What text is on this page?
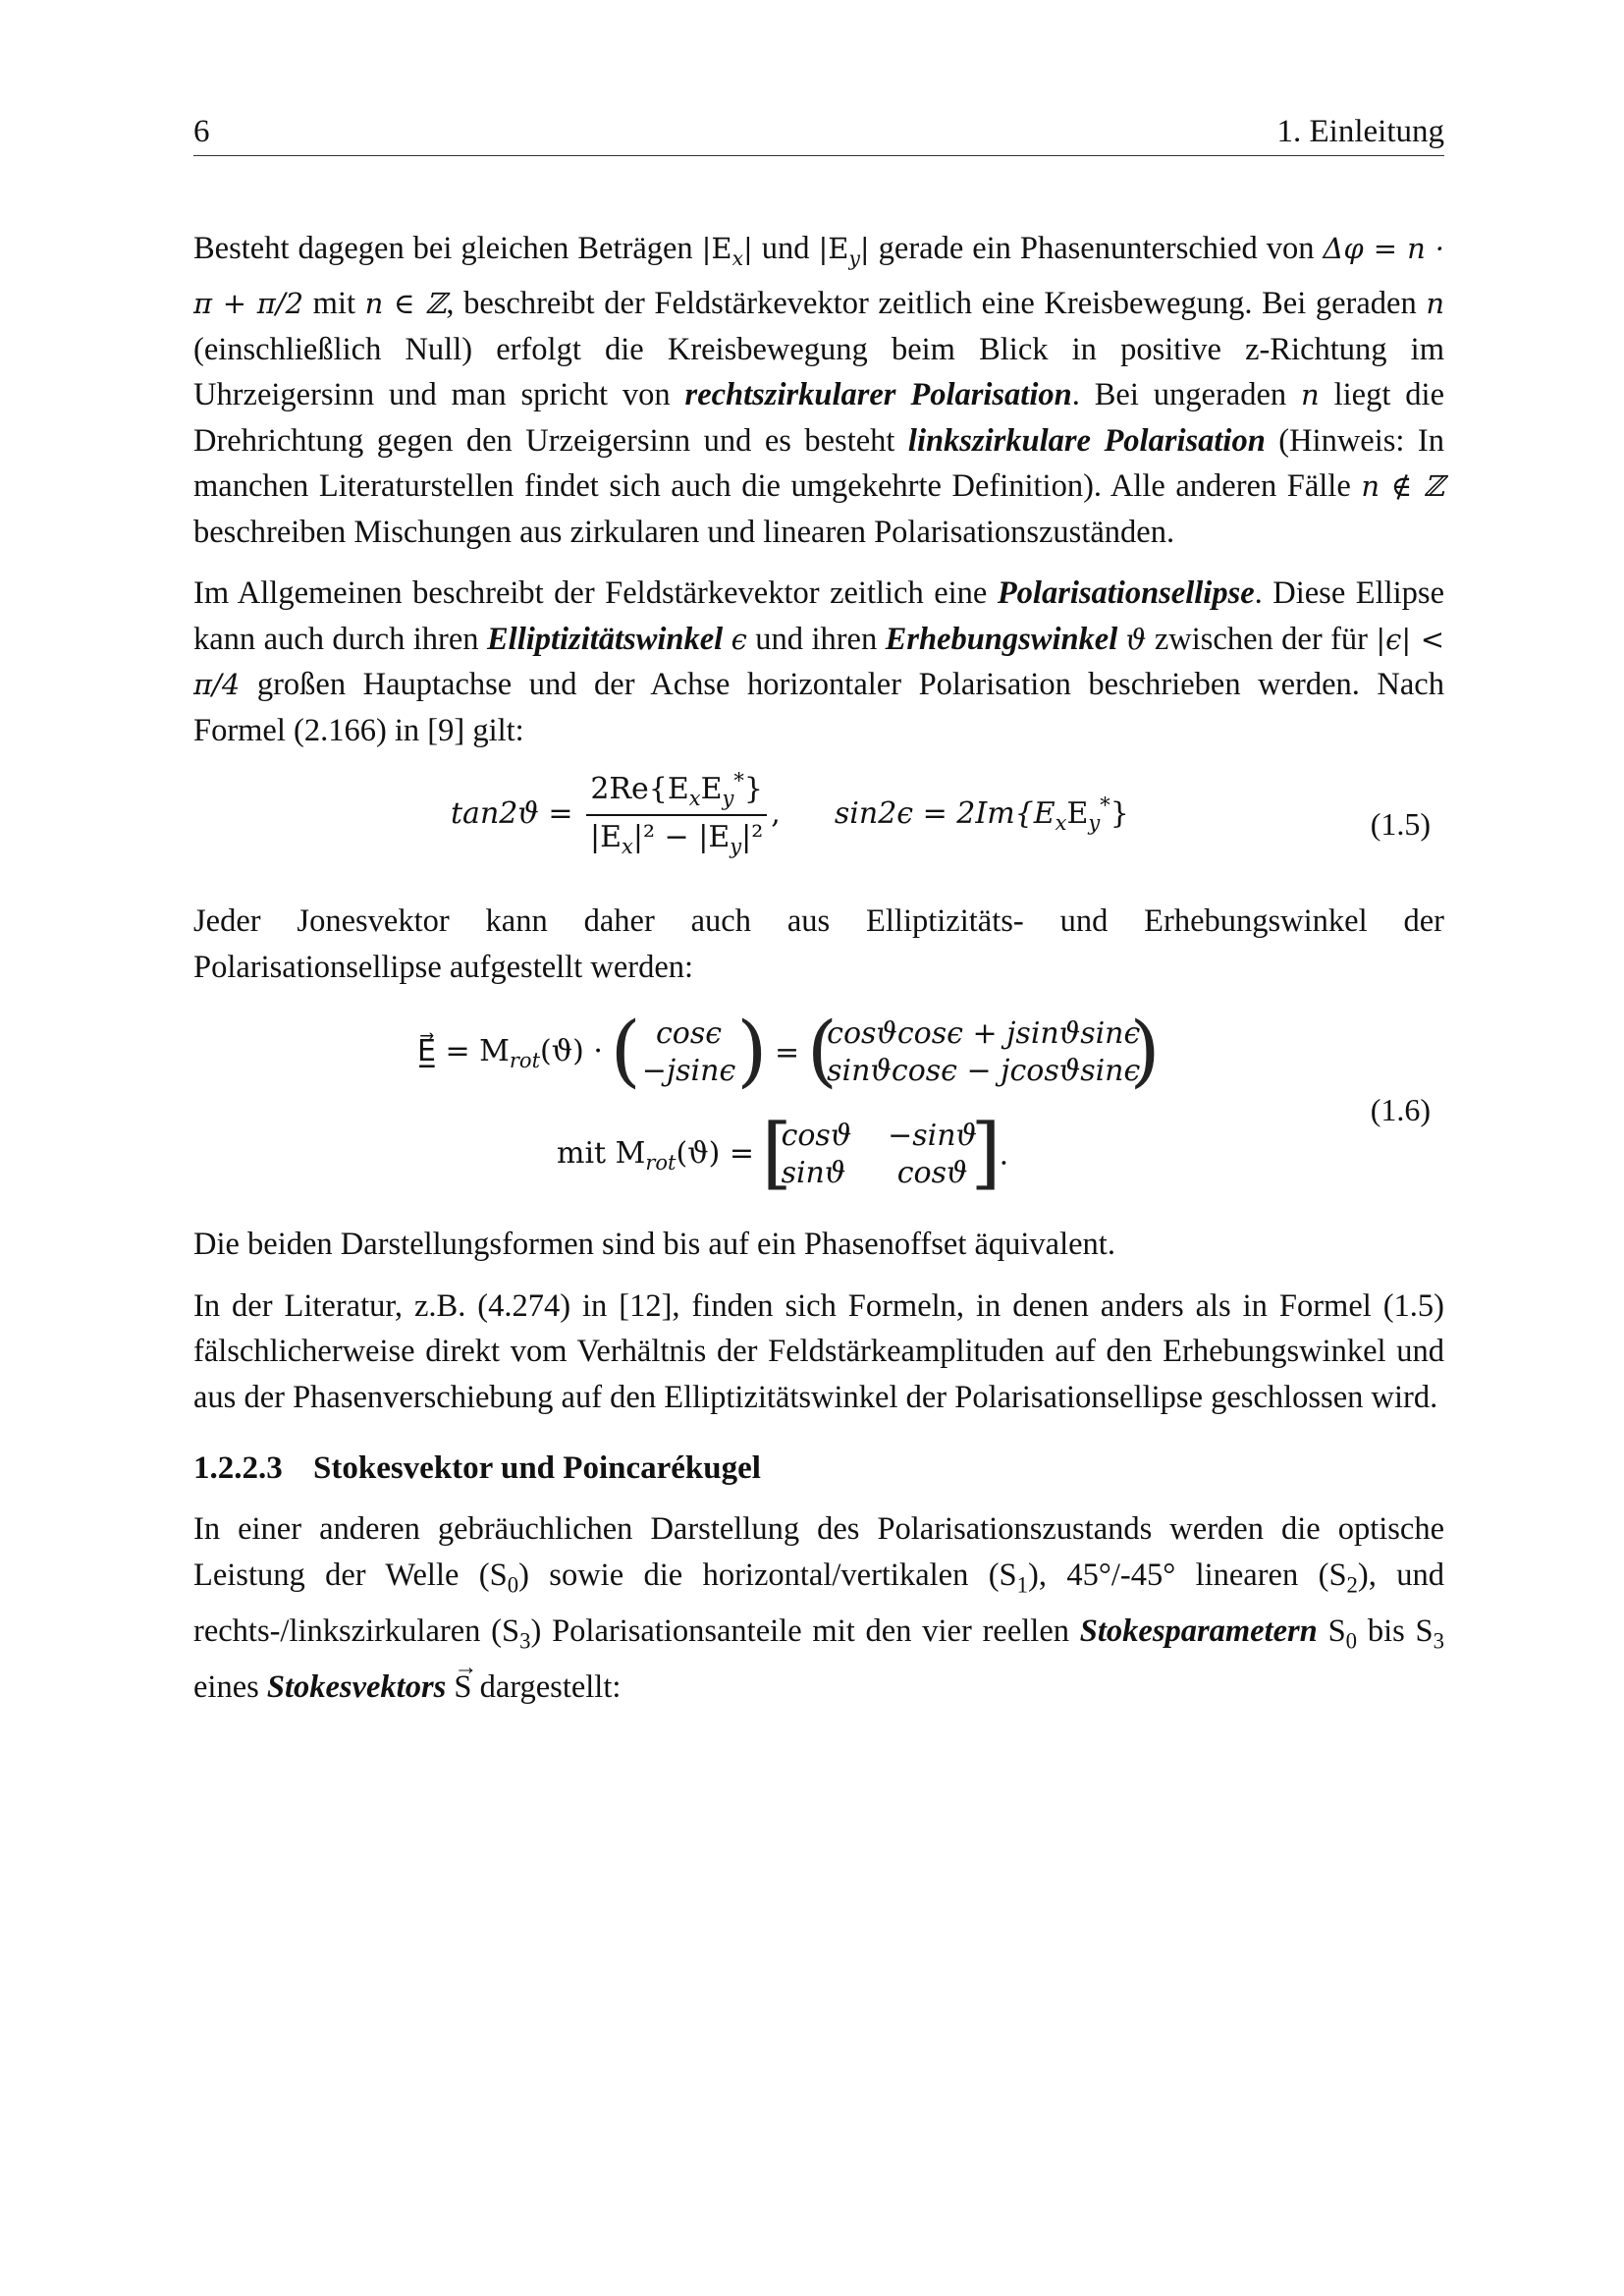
6	1. Einleitung

Besteht dagegen bei gleichen Beträgen $|E_x|$ und $|E_y|$ gerade ein Phasenunterschied von Δφ = n · π + π/2 mit n ∈ ℤ, beschreibt der Feldstärkevektor zeitlich eine Kreisbewegung. Bei geraden n (einschließlich Null) erfolgt die Kreisbewegung beim Blick in positive z-Richtung im Uhrzeigersinn und man spricht von rechtszirkularer Polarisation. Bei ungeraden n liegt die Drehrichtung gegen den Urzeigersinn und es besteht linkszirkulare Polarisation (Hinweis: In manchen Literaturstellen findet sich auch die umgekehrte Definition). Alle anderen Fälle n ∉ ℤ beschreiben Mischungen aus zirkularen und linearen Polarisationszuständen.

Im Allgemeinen beschreibt der Feldstärkevektor zeitlich eine Polarisationsellipse. Diese Ellipse kann auch durch ihren Elliptizitätswinkel ϵ und ihren Erhebungswinkel ϑ zwischen der für |ϵ| < π/4 großen Hauptachse und der Achse horizontaler Polarisation beschrieben werden. Nach Formel (2.166) in [9] gilt:

$\tan 2ϑ = \frac{2Re\{E_xE_y^*\}}{|E_x|^2 - |E_y|^2}$ , $\sin 2\epsilon = 2Im\{E_xE_y^*\}$	(1.5)

Jeder Jonesvektor kann daher auch aus Elliptizitäts- und Erhebungswinkel der Polarisationsellipse aufgestellt werden:

E̲⃗ = $M_{rot}(ϑ)$ · ( cosϵ
−jsinϵ ) = (
cosϑcosϵ + jsinϑsinϵ
sinϑcosϵ − jcosϑsinϵ
)
mit $M_{rot}(ϑ)$ = [
cosϑ −sinϑ
sinϑ cosϑ ]
.
(1.6)

Die beiden Darstellungsformen sind bis auf ein Phasenoffset äquivalent.

In der Literatur, z.B. (4.274) in [12], finden sich Formeln, in denen anders als in Formel (1.5) fälschlicherweise direkt vom Verhältnis der Feldstärkeamplituden auf den Erhebungswinkel und aus der Phasenverschiebung auf den Elliptizitätswinkel der Polarisationsellipse geschlossen wird.

1.2.2.3 Stokesvektor und Poincarékugel

In einer anderen gebräuchlichen Darstellung des Polarisationszustands werden die optische Leistung der Welle $(S_0)$ sowie die horizontal/vertikalen $(S_1)$, 45°/-45° linearen $(S_2)$, und rechts-/linkszirkularen $(S_3)$ Polarisationsanteile mit den vier reellen Stokesparametern $S_0$ bis $S_3$ eines Stokesvektors → S dargestellt:
